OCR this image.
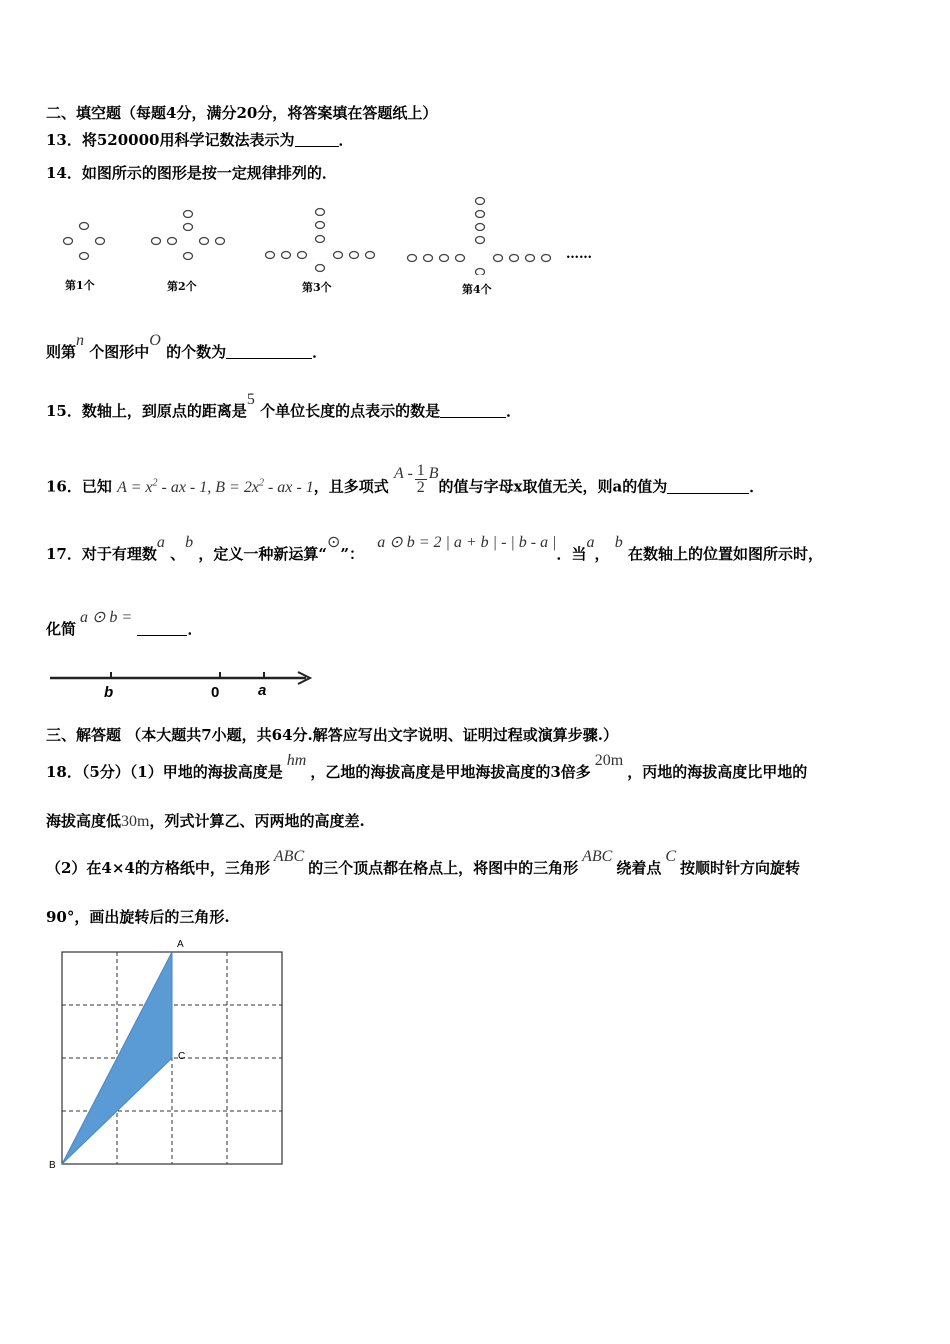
二、填空题（每题4分，满分20分，将答案填在答题纸上）
13．将520000用科学记数法表示为	．
14．如图所示的图形是按一定规律排列的．
第1个	第2个	第3个	第4个
……
则第n 个图形中O 的个数为	．
15．数轴上，到原点的距离是5 个单位长度的点表示的数是	．
16．已知 $A = x^2$ - ax - 1, $B = 2x^2$ - ax - 1，且多项式 A - $\frac{1}{2}$ B的值与字母x取值无关，则a的值为	．
17．对于有理数a 、b ，定义一种新运算“⊙”： a ⊙ b = 2 | a + b | - | b - a |．当a， b 在数轴上的位置如图所示时，
化简a ⊙ b = ．
b	0	a
三、解答题 （本大题共7小题，共64分.解答应写出文字说明、证明过程或演算步骤.）
18．（5分）（1）甲地的海拔高度是hm，乙地的海拔高度是甲地海拔高度的3倍多20m，丙地的海拔高度比甲地的
海拔高度低30m，列式计算乙、丙两地的高度差.
（2）在4×4的方格纸中，三角形ABC的三个顶点都在格点上，将图中的三角形ABC绕着点C按顺时针方向旋转
90°，画出旋转后的三角形.
A
C
B
